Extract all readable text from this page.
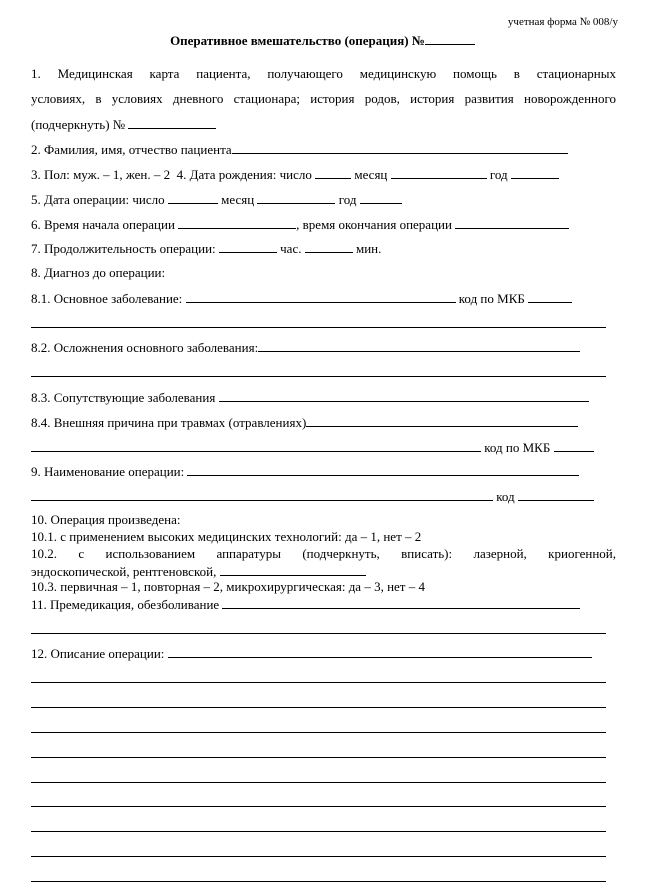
учетная форма № 008/у
Оперативное вмешательство (операция) №
1. Медицинская карта пациента, получающего медицинскую помощь в стационарных
условиях, в условиях дневного стационара; история родов, история развития новорожденного
(подчеркнуть) №
2. Фамилия, имя, отчество пациента
3. Пол: муж. – 1, жен. – 2 4. Дата рождения: число	месяц	год
5. Дата операции: число	месяц	год
6. Время начала операции	, время окончания операции
7. Продолжительность операции:	час.	мин.
8. Диагноз до операции:
8.1. Основное заболевание:	код по МКБ
8.2. Осложнения основного заболевания:
8.3. Сопутствующие заболевания
8.4. Внешняя причина при травмах (отравлениях)
код по МКБ
9. Наименование операции:
код
10. Операция произведена:
10.1. с применением высоких медицинских технологий: да – 1, нет – 2
10.2. с использованием аппаратуры (подчеркнуть, вписать): лазерной, криогенной,
эндоскопической, рентгеновской,
10.3. первичная – 1, повторная – 2, микрохирургическая: да – 3, нет – 4
11. Премедикация, обезболивание
12. Описание операции:
